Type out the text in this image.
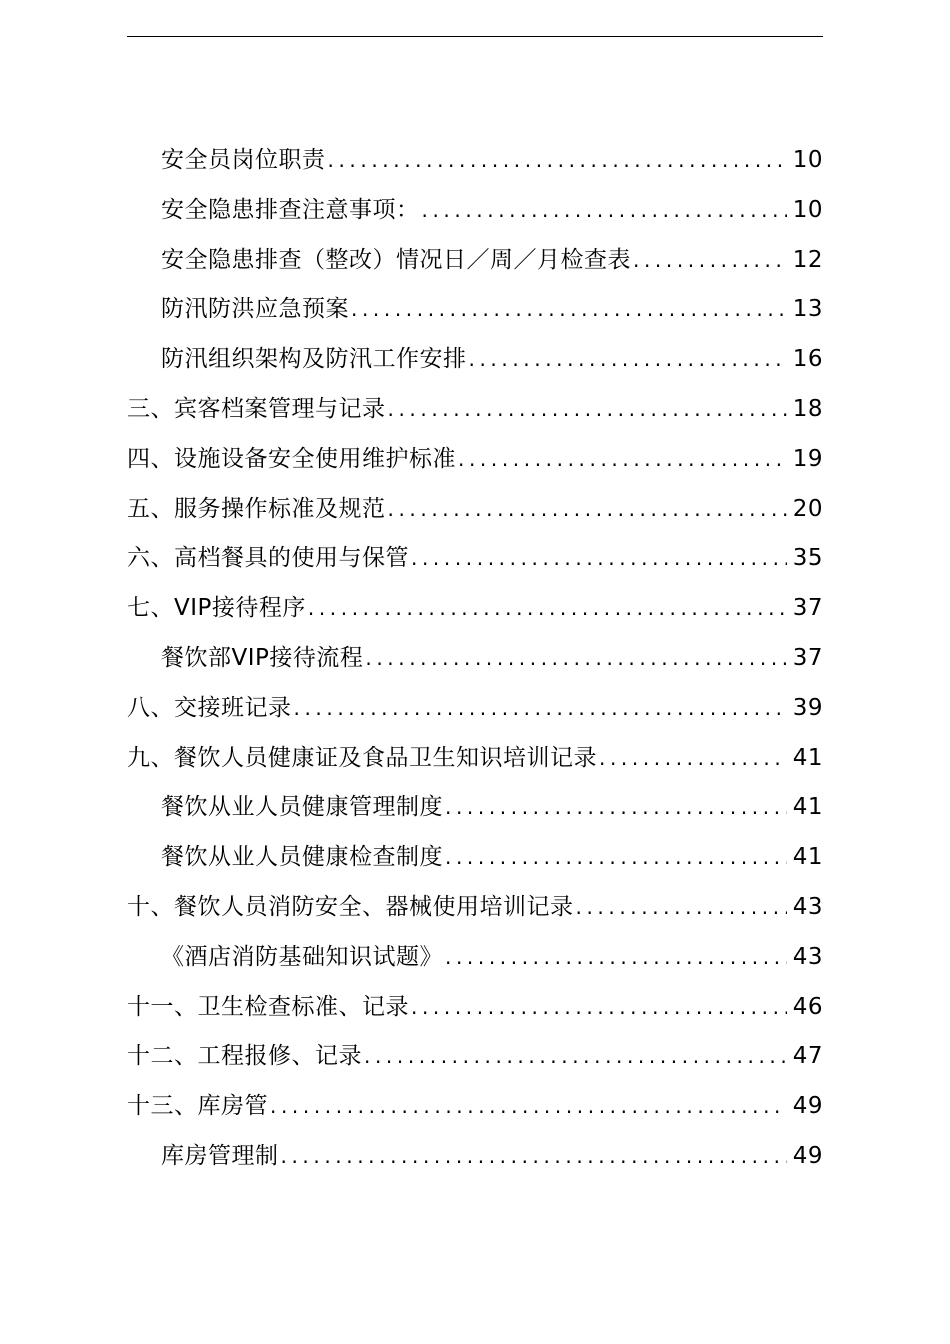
安全员岗位职责 .....	10
安全隐患排查注意事项： .....	10
安全隐患排查（整改）情况日／周／月检查表 .....	12
防汛防洪应急预案 .....	13
防汛组织架构及防汛工作安排 .....	16
三、宾客档案管理与记录 .....	18
四、设施设备安全使用维护标准 .....	19
五、服务操作标准及规范 .....	20
六、高档餐具的使用与保管 .....	35
七、VIP接待程序 .....	37
餐饮部VIP接待流程 .....	37
八、交接班记录 .....	39
九、餐饮人员健康证及食品卫生知识培训记录 .....	41
餐饮从业人员健康管理制度 .....	41
餐饮从业人员健康检查制度 .....	41
十、餐饮人员消防安全、器械使用培训记录 .....	43
《酒店消防基础知识试题》 .....	43
十一、卫生检查标准、记录 .....	46
十二、工程报修、记录 .....	47
十三、库房管 .....	49
库房管理制 .....	49
